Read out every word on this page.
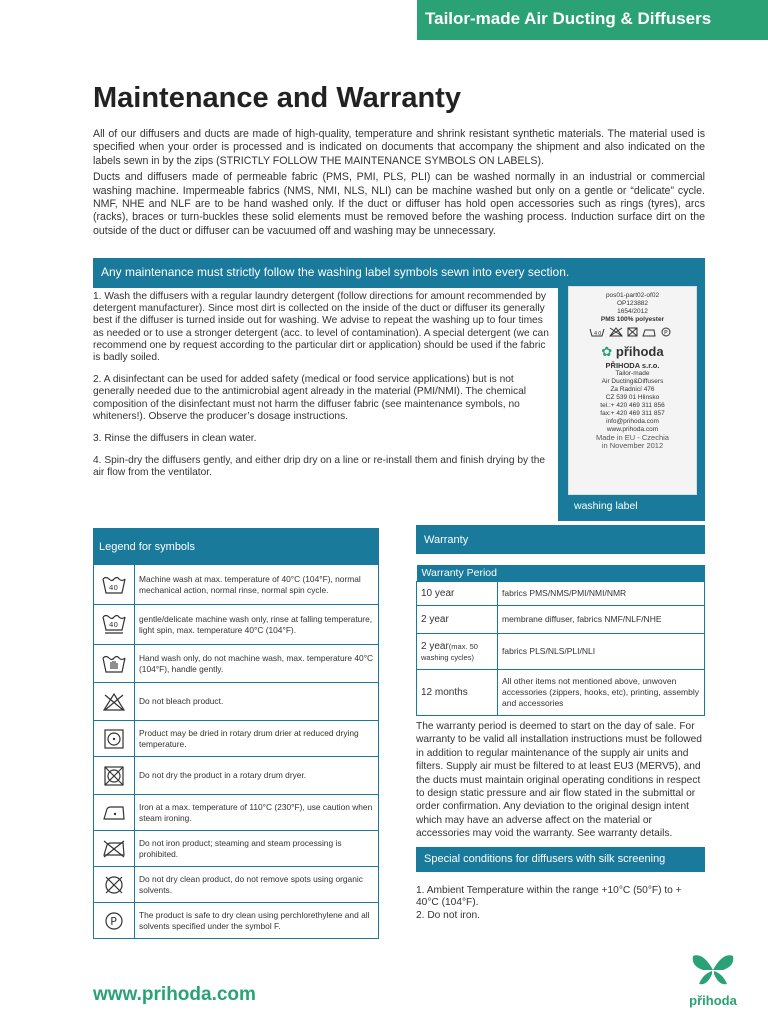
Tailor-made Air Ducting & Diffusers
Maintenance and Warranty

All of our diffusers and ducts are made of high-quality, temperature and shrink resistant synthetic materials. The material used is specified when your order is processed and is indicated on documents that accompany the shipment and also indicated on the labels sewn in by the zips (STRICTLY FOLLOW THE MAINTENANCE SYMBOLS ON LABELS).

Ducts and diffusers made of permeable fabric (PMS, PMI, PLS, PLI) can be washed normally in an industrial or commercial washing machine. Impermeable fabrics (NMS, NMI, NLS, NLI) can be machine washed but only on a gentle or “delicate” cycle. NMF, NHE and NLF are to be hand washed only. If the duct or diffuser has hold open accessories such as rings (tyres), arcs (racks), braces or turn-buckles these solid elements must be removed before the washing process. Induction surface dirt on the outside of the duct or diffuser can be vacuumed off and washing may be unnecessary.

Any maintenance must strictly follow the washing label symbols sewn into every section.

1. Wash the diffusers with a regular laundry detergent (follow directions for amount recommended by detergent manufacturer). Since most dirt is collected on the inside of the duct or diffuser its generally best if the diffuser is turned inside out for washing. We advise to repeat the washing up to four times as needed or to use a stronger detergent (acc. to level of contamination). A special detergent (we can recommend one by request according to the particular dirt or application) should be used if the fabric is badly soiled.

2. A disinfectant can be used for added safety (medical or food service applications) but is not generally needed due to the antimicrobial agent already in the material (PMI/NMI). The chemical composition of the disinfectant must not harm the diffuser fabric (see maintenance symbols, no whiteners!). Observe the producer’s dosage instructions.

3. Rinse the diffusers in clean water.

4. Spin-dry the diffusers gently, and either drip dry on a line or re-install them and finish drying by the air flow from the ventilator.

pos01-part02-of02
OP123882
1654/2012
PMS 100% polyester
40	P
✿ přihoda
PŘIHODA s.r.o.
Tailor-made
Air Ducting&Diffusers
Za Radnicí 476
CZ 539 01 Hlinsko
tel.:+ 420 469 311 856
fax:+ 420 469 311 857
info@prihoda.com
www.prihoda.com
Made in EU - Czechia
in November 2012
washing label
Legend for symbols
40	Machine wash at max. temperature of 40°C (104°F), normal mechanical action, normal rinse, normal spin cycle.

40	gentle/delicate machine wash only, rinse at falling temperature, light spin, max. temperature 40°C (104°F).

	Hand wash only, do not machine wash, max. temperature 40°C (104°F), handle gently.

	Do not bleach product.

	Product may be dried in rotary drum drier at reduced drying temperature.

	Do not dry the product in a rotary drum dryer.

	Iron at a max. temperature of 110°C (230°F), use caution when steam ironing.

	Do not iron product; steaming and steam processing is prohibited.

	Do not dry clean product, do not remove spots using organic solvents.

P	The product is safe to dry clean using perchlorethylene and all solvents specified under the symbol F.
Warranty
Warranty Period	
10 year	fabrics PMS/NMS/PMI/NMI/NMR
2 year	membrane diffuser, fabrics NMF/NLF/NHE
2 year(max. 50 washing cycles)	fabrics PLS/NLS/PLI/NLI
12 months	All other items not mentioned above, unwoven accessories (zippers, hooks, etc), printing, assembly and accessories
The warranty period is deemed to start on the day of sale. For warranty to be valid all installation instructions must be followed in addition to regular maintenance of the supply air units and filters. Supply air must be filtered to at least EU3 (MERV5), and the ducts must maintain original operating conditions in respect to design static pressure and air flow stated in the submittal or order confirmation. Any deviation to the original design intent which may have an adverse affect on the material or accessories may void the warranty. See warranty details.
Special conditions for diffusers with silk screening
1. Ambient Temperature within the range +10°C (50°F) to + 40°C (104°F).
2. Do not iron.
www.prihoda.com	přihoda
